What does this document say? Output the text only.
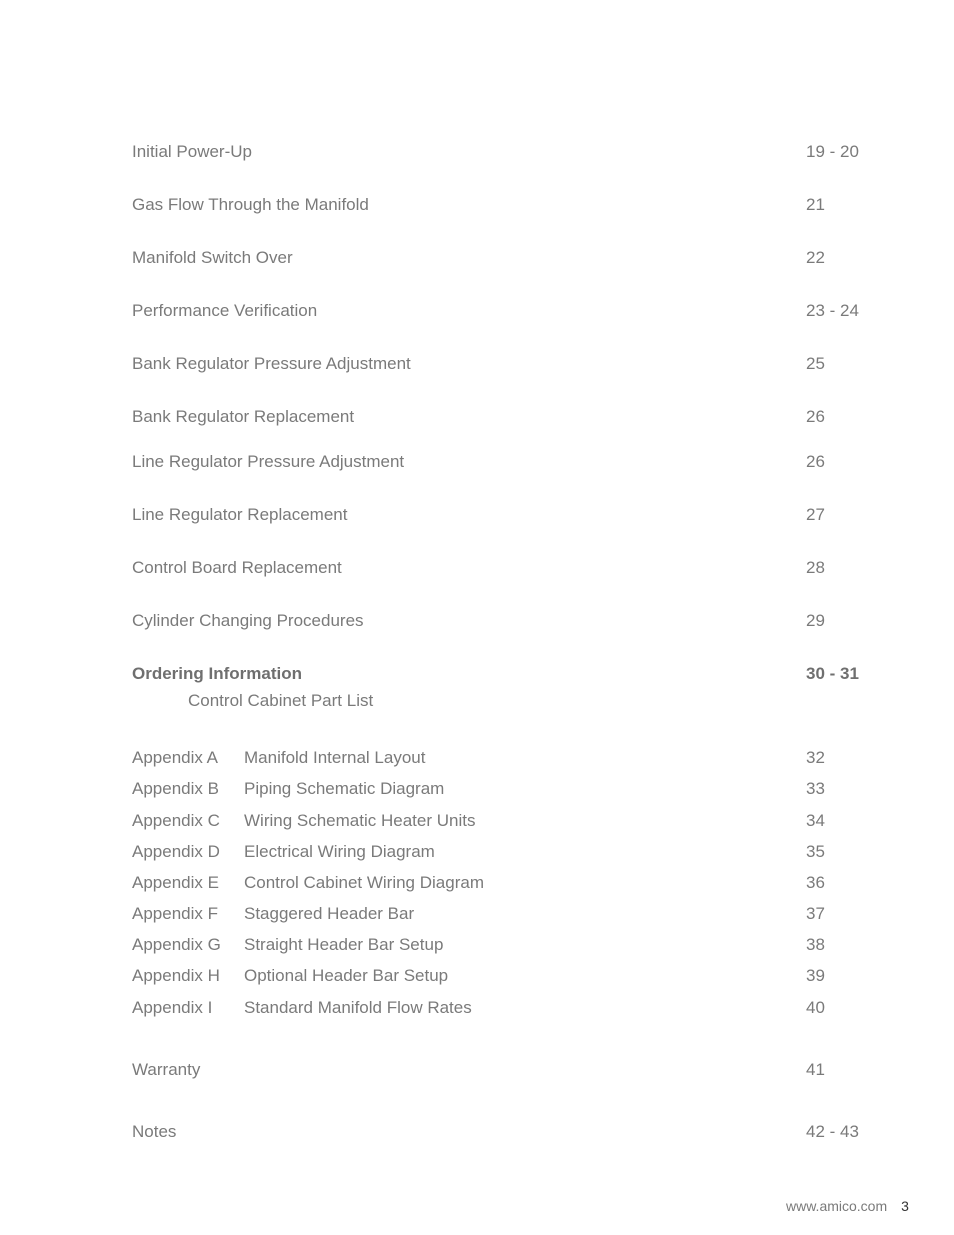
Initial Power-Up	19 - 20
Gas Flow Through the Manifold	21
Manifold Switch Over	22
Performance Verification	23 - 24
Bank Regulator Pressure Adjustment	25
Bank Regulator Replacement	26
Line Regulator Pressure Adjustment	26
Line Regulator Replacement	27
Control Board Replacement	28
Cylinder Changing Procedures	29
Ordering Information	30 - 31
Control Cabinet Part List
Appendix A Manifold Internal Layout	32
Appendix B Piping Schematic Diagram	33
Appendix C Wiring Schematic Heater Units	34
Appendix D Electrical Wiring Diagram	35
Appendix E Control Cabinet Wiring Diagram	36
Appendix F Staggered Header Bar	37
Appendix G Straight Header Bar Setup	38
Appendix H Optional Header Bar Setup	39
Appendix I Standard Manifold Flow Rates	40
Warranty	41
Notes	42 - 43
www.amico.com 3
